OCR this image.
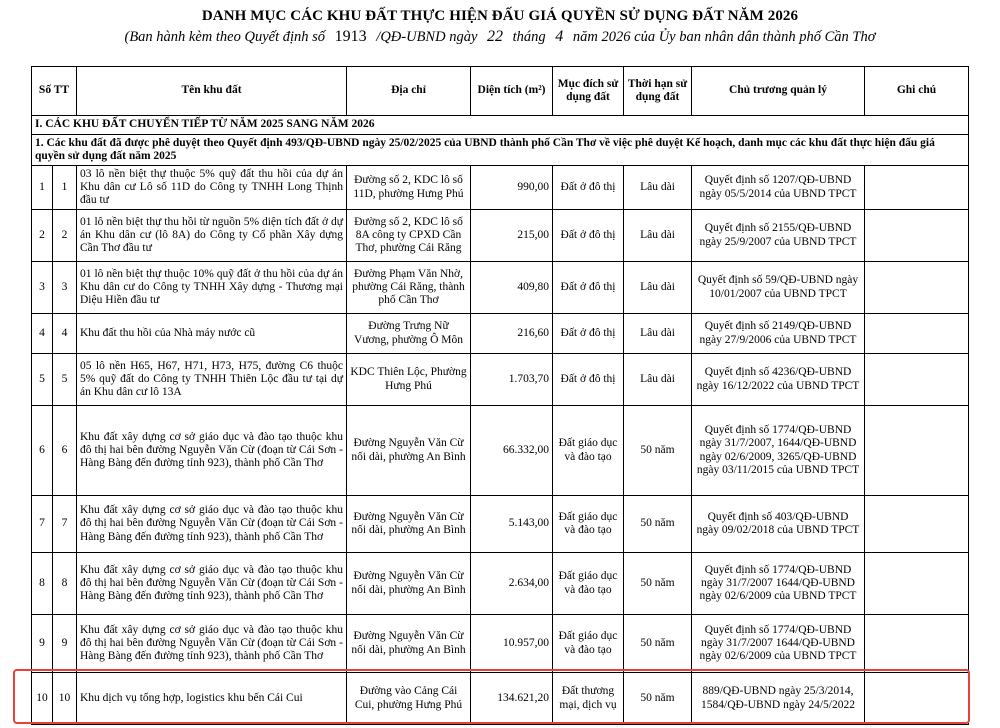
DANH MỤC CÁC KHU ĐẤT THỰC HIỆN ĐẤU GIÁ QUYỀN SỬ DỤNG ĐẤT NĂM 2026
(Ban hành kèm theo Quyết định số 1913 /QĐ-UBND ngày 22 tháng 4 năm 2026 của Ủy ban nhân dân thành phố Cần Thơ
Số TT		Tên khu đất	Địa chỉ	Diện tích (m²)	Mục đích sử dụng đất	Thời hạn sử dụng đất	Chủ trương quản lý	Ghi chú
I. CÁC KHU ĐẤT CHUYỂN TIẾP TỪ NĂM 2025 SANG NĂM 2026								
1. Các khu đất đã được phê duyệt theo Quyết định 493/QĐ-UBND ngày 25/02/2025 của UBND thành phố Cần Thơ về việc phê duyệt Kế hoạch, danh mục các khu đất thực hiện đấu giá quyền sử dụng đất năm 2025								
1	1	03 lô nền biệt thự thuộc 5% quỹ đất thu hồi của dự án Khu dân cư Lô số 11D do Công ty TNHH Long Thịnh đầu tư	Đường số 2, KDC lô số 11D, phường Hưng Phú	990,00	Đất ở đô thị	Lâu dài	Quyết định số 1207/QĐ-UBND ngày 05/5/2014 của UBND TPCT	
2	2	01 lô nền biệt thự thu hồi từ nguồn 5% diện tích đất ở dự án Khu dân cư (lô 8A) do Công ty Cổ phần Xây dựng Cần Thơ đầu tư	Đường số 2, KDC lô số 8A công ty CPXD Cần Thơ, phường Cái Răng	215,00	Đất ở đô thị	Lâu dài	Quyết định số 2155/QĐ-UBND ngày 25/9/2007 của UBND TPCT	
3	3	01 lô nền biệt thự thuộc 10% quỹ đất ở thu hồi của dự án Khu dân cư do Công ty TNHH Xây dựng - Thương mại Diệu Hiền đầu tư	Đường Phạm Văn Nhờ, phường Cái Răng, thành phố Cần Thơ	409,80	Đất ở đô thị	Lâu dài	Quyết định số 59/QĐ-UBND ngày 10/01/2007 của UBND TPCT	
4	4	Khu đất thu hồi của Nhà máy nước cũ	Đường Trưng Nữ Vương, phường Ô Môn	216,60	Đất ở đô thị	Lâu dài	Quyết định số 2149/QĐ-UBND ngày 27/9/2006 của UBND TPCT	
5	5	05 lô nền H65, H67, H71, H73, H75, đường C6 thuộc 5% quỹ đất do Công ty TNHH Thiên Lộc đầu tư tại dự án Khu dân cư lô 13A	KDC Thiên Lộc, Phường Hưng Phú	1.703,70	Đất ở đô thị	Lâu dài	Quyết định số 4236/QĐ-UBND ngày 16/12/2022 của UBND TPCT	
6	6	Khu đất xây dựng cơ sở giáo dục và đào tạo thuộc khu đô thị hai bên đường Nguyễn Văn Cừ (đoạn từ Cái Sơn - Hàng Bàng đến đường tỉnh 923), thành phố Cần Thơ	Đường Nguyễn Văn Cừ nối dài, phường An Bình	66.332,00	Đất giáo dục và đào tạo	50 năm	Quyết định số 1774/QĐ-UBND ngày 31/7/2007, 1644/QĐ-UBND ngày 02/6/2009, 3265/QĐ-UBND ngày 03/11/2015 của UBND TPCT	
7	7	Khu đất xây dựng cơ sở giáo dục và đào tạo thuộc khu đô thị hai bên đường Nguyễn Văn Cừ (đoạn từ Cái Sơn - Hàng Bàng đến đường tỉnh 923), thành phố Cần Thơ	Đường Nguyễn Văn Cừ nối dài, phường An Bình	5.143,00	Đất giáo dục và đào tạo	50 năm	Quyết định số 403/QĐ-UBND ngày 09/02/2018 của UBND TPCT	
8	8	Khu đất xây dựng cơ sở giáo dục và đào tạo thuộc khu đô thị hai bên đường Nguyễn Văn Cừ (đoạn từ Cái Sơn - Hàng Bàng đến đường tỉnh 923), thành phố Cần Thơ	Đường Nguyễn Văn Cừ nối dài, phường An Bình	2.634,00	Đất giáo dục và đào tạo	50 năm	Quyết định số 1774/QĐ-UBND ngày 31/7/2007 1644/QĐ-UBND ngày 02/6/2009 của UBND TPCT	

9	9	Khu đất xây dựng cơ sở giáo dục và đào tạo thuộc khu đô thị hai bên đường Nguyễn Văn Cừ (đoạn từ Cái Sơn - Hàng Bàng đến đường tỉnh 923), thành phố Cần Thơ	Đường Nguyễn Văn Cừ nối dài, phường An Bình	10.957,00	Đất giáo dục và đào tạo	50 năm	Quyết định số 1774/QĐ-UBND ngày 31/7/2007 1644/QĐ-UBND ngày 02/6/2009 của UBND TPCT	

10	10	Khu dịch vụ tổng hợp, logistics khu bến Cái Cui	Đường vào Cảng Cái Cui, phường Hưng Phú	134.621,20	Đất thương mại, dịch vụ	50 năm	889/QĐ-UBND ngày 25/3/2014, 1584/QĐ-UBND ngày 24/5/2022	
